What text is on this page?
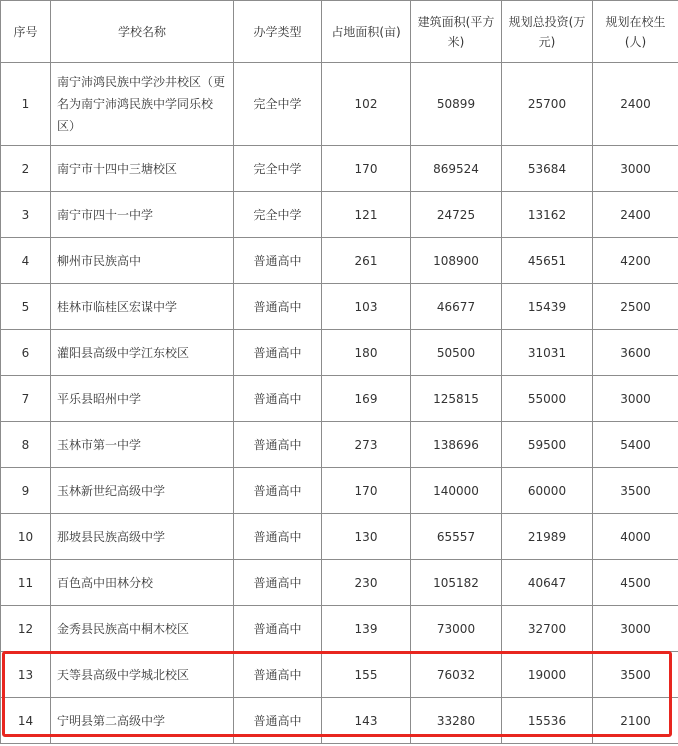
序号	学校名称	办学类型	占地面积(亩)	建筑面积(平方米)	规划总投资(万元)	规划在校生(人)
1	南宁沛鸿民族中学沙井校区（更名为南宁沛鸿民族中学同乐校区）	完全中学	102	50899	25700	2400
2	南宁市十四中三塘校区	完全中学	170	869524	53684	3000
3	南宁市四十一中学	完全中学	121	24725	13162	2400
4	柳州市民族高中	普通高中	261	108900	45651	4200
5	桂林市临桂区宏谋中学	普通高中	103	46677	15439	2500
6	灌阳县高级中学江东校区	普通高中	180	50500	31031	3600
7	平乐县昭州中学	普通高中	169	125815	55000	3000
8	玉林市第一中学	普通高中	273	138696	59500	5400
9	玉林新世纪高级中学	普通高中	170	140000	60000	3500
10	那坡县民族高级中学	普通高中	130	65557	21989	4000
11	百色高中田林分校	普通高中	230	105182	40647	4500
12	金秀县民族高中桐木校区	普通高中	139	73000	32700	3000
13	天等县高级中学城北校区	普通高中	155	76032	19000	3500
14	宁明县第二高级中学	普通高中	143	33280	15536	2100
